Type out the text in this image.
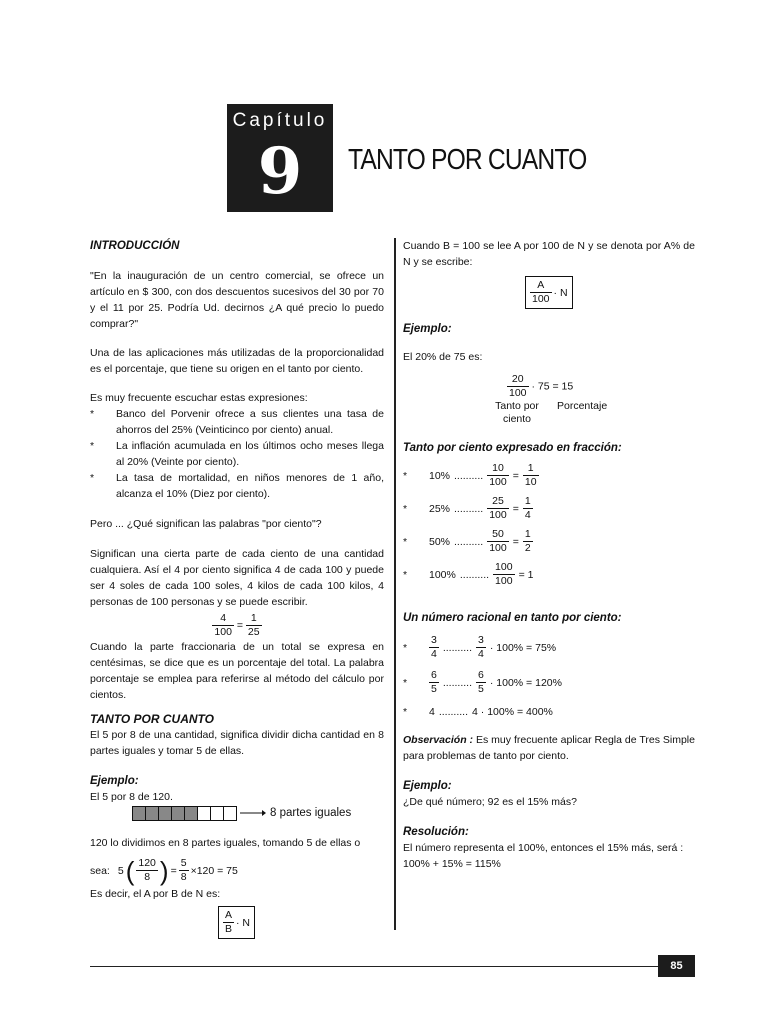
Capítulo
9	TANTO POR CUANTO
INTRODUCCIÓN
"En la inauguración de un centro comercial, se ofrece un artículo en $ 300, con dos descuentos sucesivos del 30 por 70 y el 11 por 25. Podría Ud. decirnos ¿A qué precio lo puedo comprar?"
Una de las aplicaciones más utilizadas de la proporcionalidad es el porcentaje, que tiene su origen en el tanto por ciento.
Es muy frecuente escuchar estas expresiones:
* Banco del Porvenir ofrece a sus clientes una tasa de ahorros del 25% (Veinticinco por ciento) anual.
* La inflación acumulada en los últimos ocho meses llega al 20% (Veinte por ciento).
* La tasa de mortalidad, en niños menores de 1 año, alcanza el 10% (Diez por ciento).
Pero ... ¿Qué significan las palabras "por ciento"?
Significan una cierta parte de cada ciento de una cantidad cualquiera. Así el 4 por ciento significa 4 de cada 100 y puede ser 4 soles de cada 100 soles, 4 kilos de cada 100 kilos, 4 personas de 100 personas y se puede escribir.
$\frac{4}{100} = \frac{1}{25}$
Cuando la parte fraccionaria de un total se expresa en centésimas, se dice que es un porcentaje del total. La palabra porcentaje se emplea para referirse al método del cálculo por cientos.
TANTO POR CUANTO
El 5 por 8 de una cantidad, significa dividir dicha cantidad en 8 partes iguales y tomar 5 de ellas.
Ejemplo:
El 5 por 8 de 120.
8 partes iguales
120 lo dividimos en 8 partes iguales, tomando 5 de ellas o
sea: 5 ( $\frac{120}{8}$ ) = $\frac{5}{8} \times 120 = 75$
Es decir, el A por B de N es:
$\frac{A}{B} \cdot N$
Cuando B = 100 se lee A por 100 de N y se denota por A% de N y se escribe:
$\frac{A}{100} \cdot N$
Ejemplo:
El 20% de 75 es:
$\frac{20}{100} \cdot 75 = 15$
Tanto por ciento
Porcentaje
Tanto por ciento expresado en fracción:
* 10% .......... $\frac{10}{100} = \frac{1}{10}$
* 25% .......... $\frac{25}{100} = \frac{1}{4}$
* 50% .......... $\frac{50}{100} = \frac{1}{2}$
* 100% .......... $\frac{100}{100} = 1$
Un número racional en tanto por ciento:
* $\frac{3}{4}$ .......... $\frac{3}{4} \cdot 100\% = 75\%$
* $\frac{6}{5}$ .......... $\frac{6}{5} \cdot 100\% = 120\%$
* 4 .......... 4 · 100% = 400%
Observación : Es muy frecuente aplicar Regla de Tres Simple para problemas de tanto por ciento.
Ejemplo:
¿De qué número; 92 es el 15% más?
Resolución:
El número representa el 100%, entonces el 15% más, será :
100% + 15% = 115%
85
